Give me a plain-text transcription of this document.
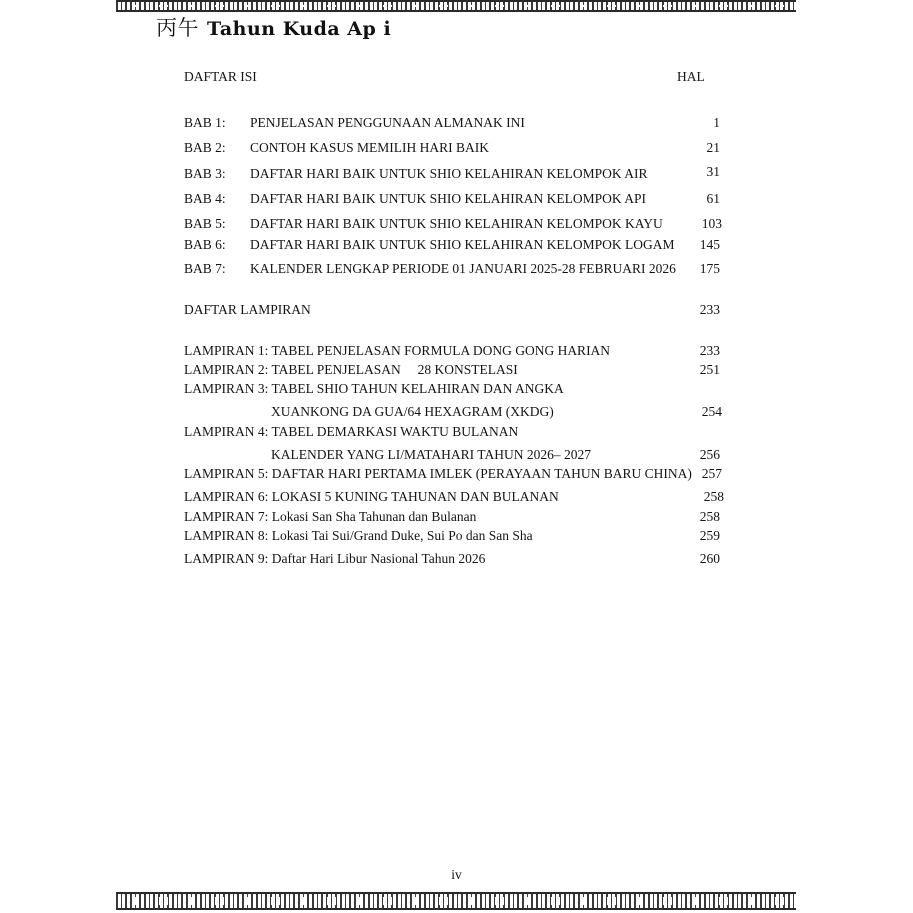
丙午 Tahun Kuda Ap i
DAFTAR ISI	HAL
BAB 1: PENJELASAN PENGGUNAAN ALMANAK INI	1
BAB 2: CONTOH KASUS MEMILIH HARI BAIK	21
BAB 3: DAFTAR HARI BAIK UNTUK SHIO KELAHIRAN KELOMPOK AIR	31
BAB 4: DAFTAR HARI BAIK UNTUK SHIO KELAHIRAN KELOMPOK API	61
BAB 5: DAFTAR HARI BAIK UNTUK SHIO KELAHIRAN KELOMPOK KAYU	103
BAB 6: DAFTAR HARI BAIK UNTUK SHIO KELAHIRAN KELOMPOK LOGAM	145
BAB 7: KALENDER LENGKAP PERIODE 01 JANUARI 2025-28 FEBRUARI 2026	175
DAFTAR LAMPIRAN	233
LAMPIRAN 1: TABEL PENJELASAN FORMULA DONG GONG HARIAN	233
LAMPIRAN 2: TABEL PENJELASAN     28 KONSTELASI	251
LAMPIRAN 3: TABEL SHIO TAHUN KELAHIRAN DAN ANGKA
XUANKONG DA GUA/64 HEXAGRAM (XKDG)	254
LAMPIRAN 4: TABEL DEMARKASI WAKTU BULANAN
KALENDER YANG LI/MATAHARI TAHUN 2026– 2027	256
LAMPIRAN 5: DAFTAR HARI PERTAMA IMLEK (PERAYAAN TAHUN BARU CHINA) 257
LAMPIRAN 6: LOKASI 5 KUNING TAHUNAN DAN BULANAN	258
LAMPIRAN 7: Lokasi San Sha Tahunan dan Bulanan	258
LAMPIRAN 8: Lokasi Tai Sui/Grand Duke, Sui Po dan San Sha	259
LAMPIRAN 9: Daftar Hari Libur Nasional Tahun 2026	260
iv
